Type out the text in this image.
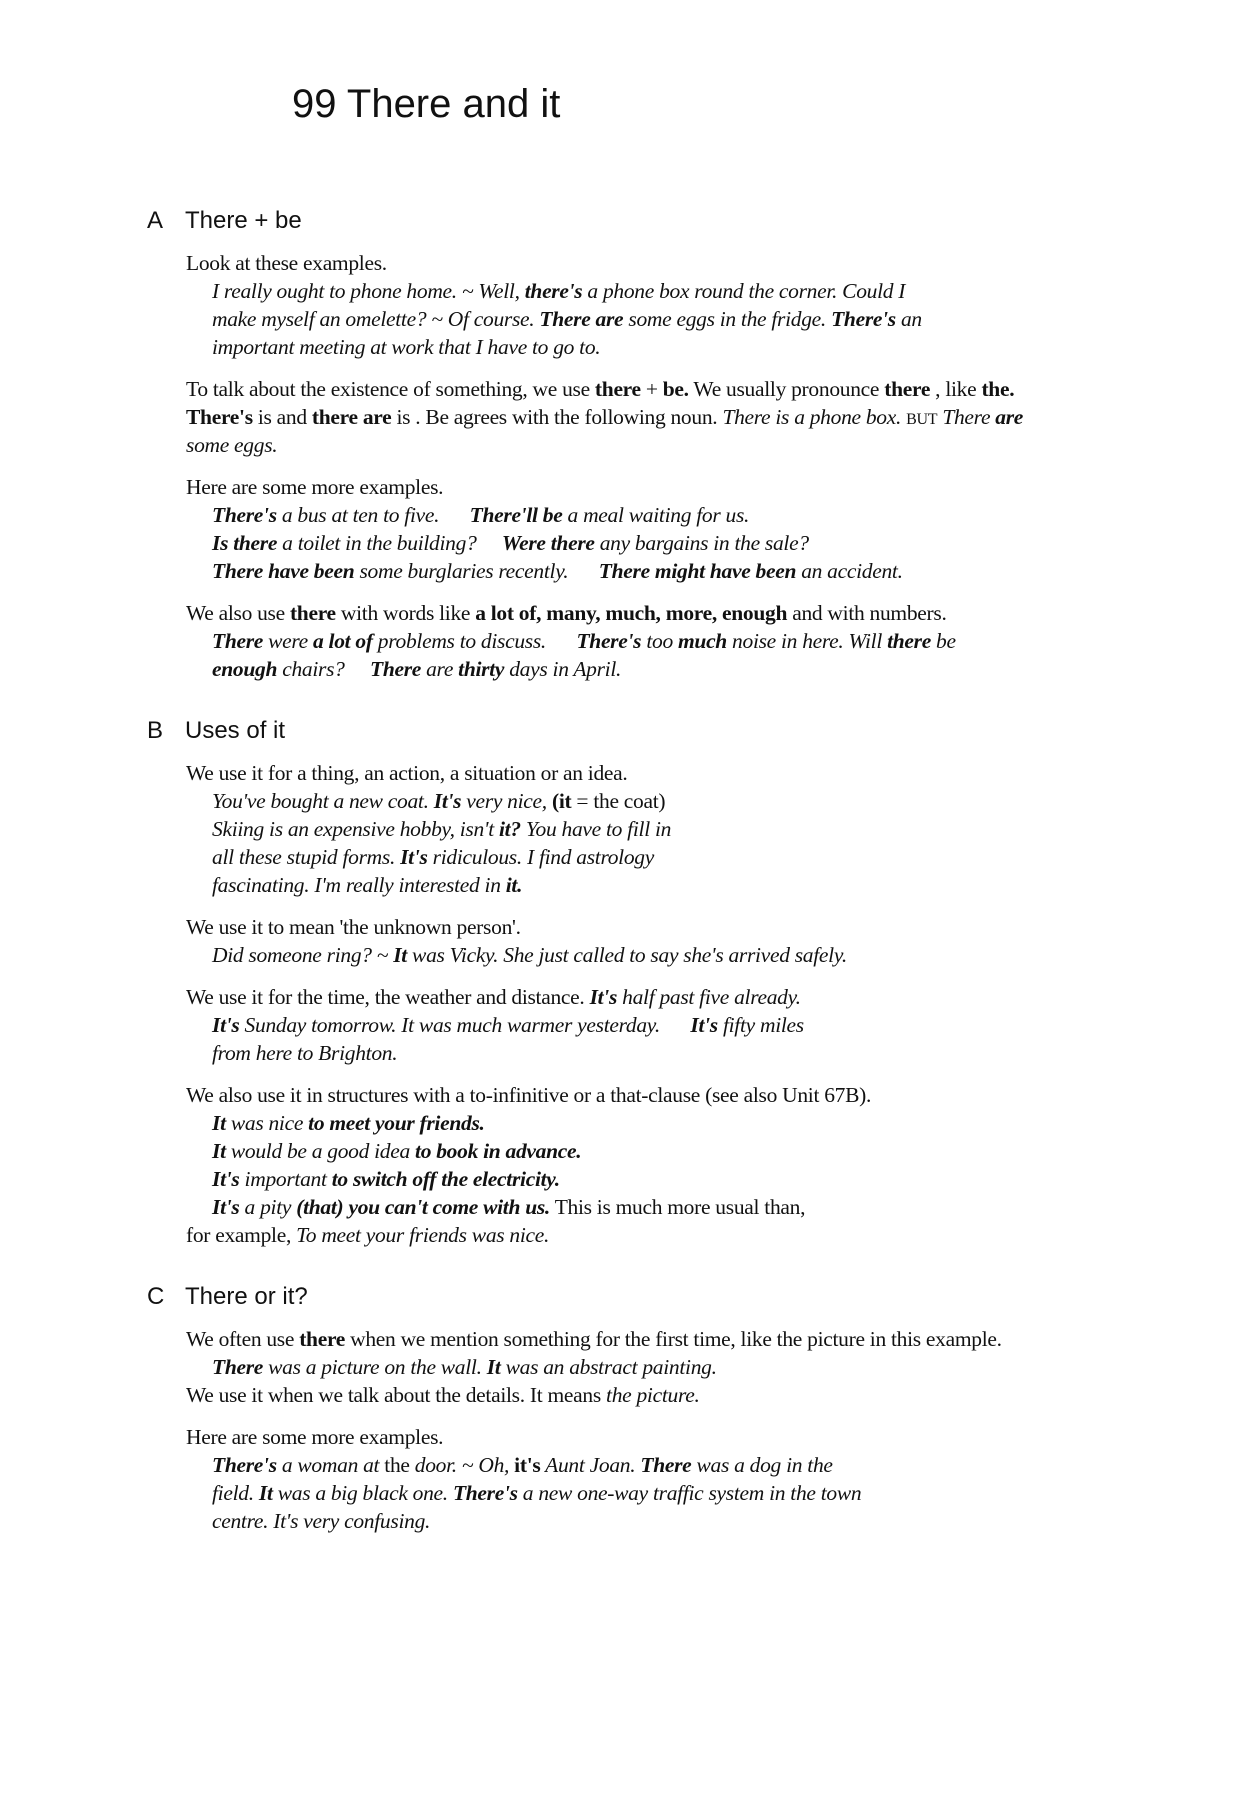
99 There and it
A There + be
Look at these examples.
I really ought to phone home. ~ Well, there's a phone box round the corner. Could I
make myself an omelette? ~ Of course. There are some eggs in the fridge. There's an
important meeting at work that I have to go to.
To talk about the existence of something, we use there + be. We usually pronounce there , like the.
There's is and there are is . Be agrees with the following noun. There is a phone box. BUT There are
some eggs.
Here are some more examples.
There's a bus at ten to five.      There'll be a meal waiting for us.
Is there a toilet in the building?     Were there any bargains in the sale?
There have been some burglaries recently.      There might have been an accident.
We also use there with words like a lot of, many, much, more, enough and with numbers.
There were a lot of problems to discuss.      There's too much noise in here. Will there be
enough chairs?     There are thirty days in April.
B Uses of it
We use it for a thing, an action, a situation or an idea.
You've bought a new coat. It's very nice, (it = the coat)
Skiing is an expensive hobby, isn't it? You have to fill in
all these stupid forms. It's ridiculous. I find astrology
fascinating. I'm really interested in it.
We use it to mean 'the unknown person'.
Did someone ring? ~ It was Vicky. She just called to say she's arrived safely.
We use it for the time, the weather and distance. It's half past five already.
It's Sunday tomorrow. It was much warmer yesterday.      It's fifty miles
from here to Brighton.
We also use it in structures with a to-infinitive or a that-clause (see also Unit 67B).
It was nice to meet your friends.
It would be a good idea to book in advance.
It's important to switch off the electricity.
It's a pity (that) you can't come with us. This is much more usual than,
for example, To meet your friends was nice.
C There or it?
We often use there when we mention something for the first time, like the picture in this example.
There was a picture on the wall. It was an abstract painting.
We use it when we talk about the details. It means the picture.
Here are some more examples.
There's a woman at the door. ~ Oh, it's Aunt Joan. There was a dog in the
field. It was a big black one. There's a new one-way traffic system in the town
centre. It's very confusing.
